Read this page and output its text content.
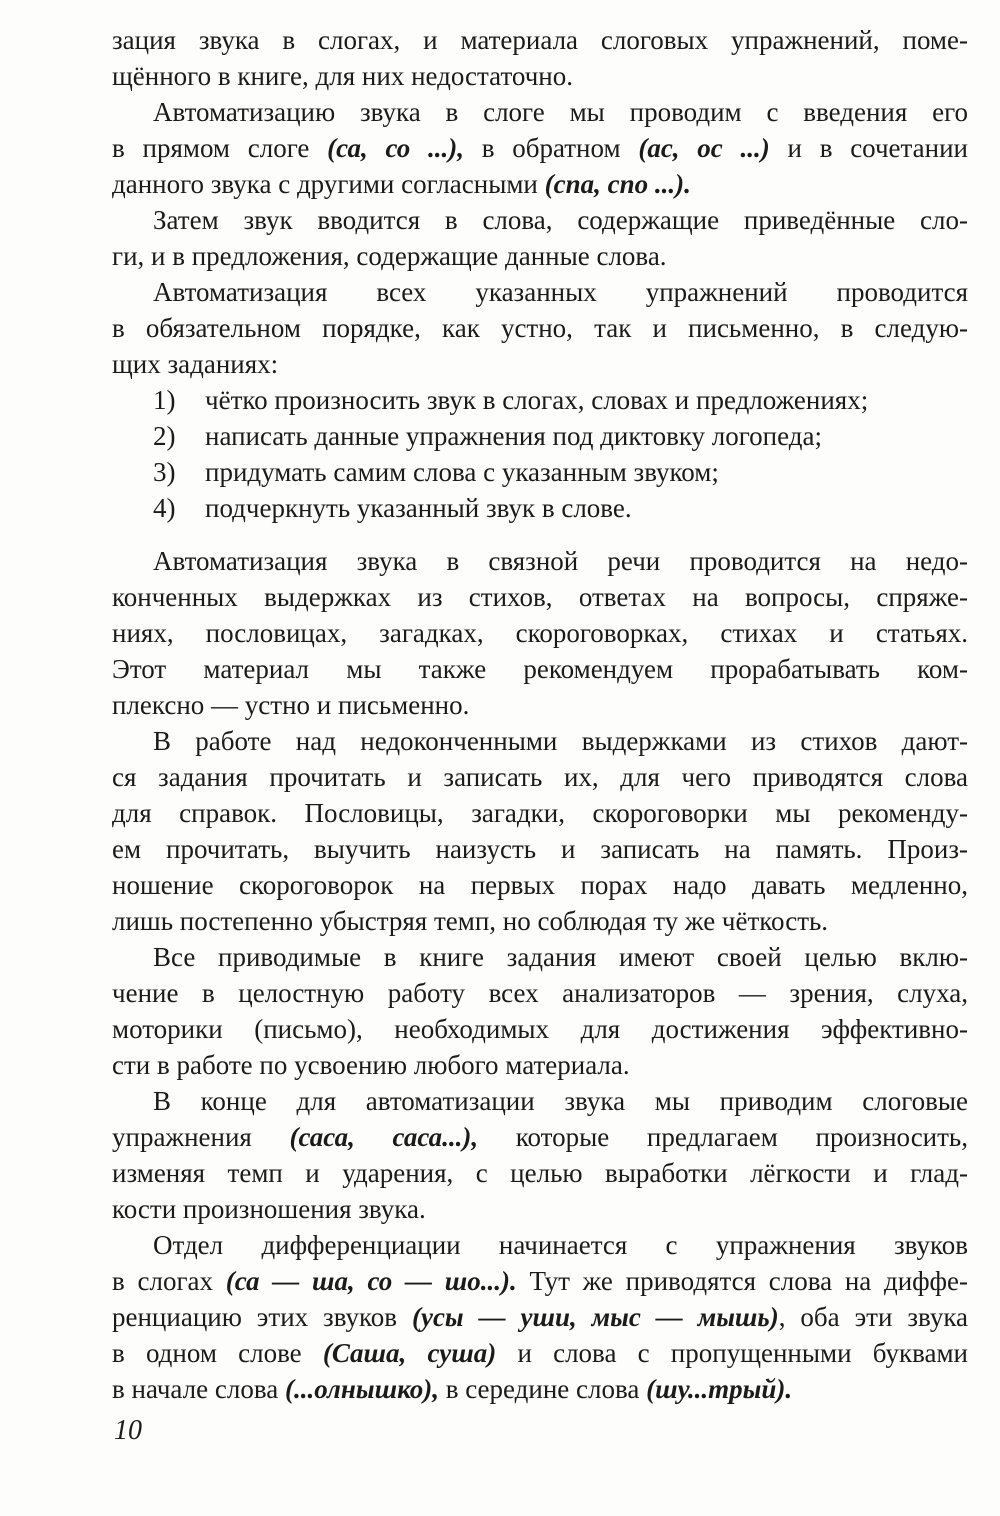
зация звука в слогах, и материала слоговых упражнений, поме-
щённого в книге, для них недостаточно.
Автоматизацию звука в слоге мы проводим с введения его
в прямом слоге (са, со ...), в обратном (ас, ос ...) и в сочетании
данного звука с другими согласными (спа, спо ...).
Затем звук вводится в слова, содержащие приведённые сло-
ги, и в предложения, содержащие данные слова.
Автоматизация всех указанных упражнений проводится
в обязательном порядке, как устно, так и письменно, в следую-
щих заданиях:
1) чётко произносить звук в слогах, словах и предложениях;
2) написать данные упражнения под диктовку логопеда;
3) придумать самим слова с указанным звуком;
4) подчеркнуть указанный звук в слове.
Автоматизация звука в связной речи проводится на недо-
конченных выдержках из стихов, ответах на вопросы, спряже-
ниях, пословицах, загадках, скороговорках, стихах и статьях.
Этот материал мы также рекомендуем прорабатывать ком-
плексно — устно и письменно.
В работе над недоконченными выдержками из стихов дают-
ся задания прочитать и записать их, для чего приводятся слова
для справок. Пословицы, загадки, скороговорки мы рекоменду-
ем прочитать, выучить наизусть и записать на память. Произ-
ношение скороговорок на первых порах надо давать медленно,
лишь постепенно убыстряя темп, но соблюдая ту же чёткость.
Все приводимые в книге задания имеют своей целью вклю-
чение в целостную работу всех анализаторов — зрения, слуха,
моторики (письмо), необходимых для достижения эффективно-
сти в работе по усвоению любого материала.
В конце для автоматизации звука мы приводим слоговые
упражнения (саса, саса...), которые предлагаем произносить,
изменяя темп и ударения, с целью выработки лёгкости и глад-
кости произношения звука.
Отдел дифференциации начинается с упражнения звуков
в слогах (са — ша, со — шо...). Тут же приводятся слова на диффе-
ренциацию этих звуков (усы — уши, мыс — мышь), оба эти звука
в одном слове (Саша, суша) и слова с пропущенными буквами
в начале слова (...олнышко), в середине слова (шу...трый).
10
